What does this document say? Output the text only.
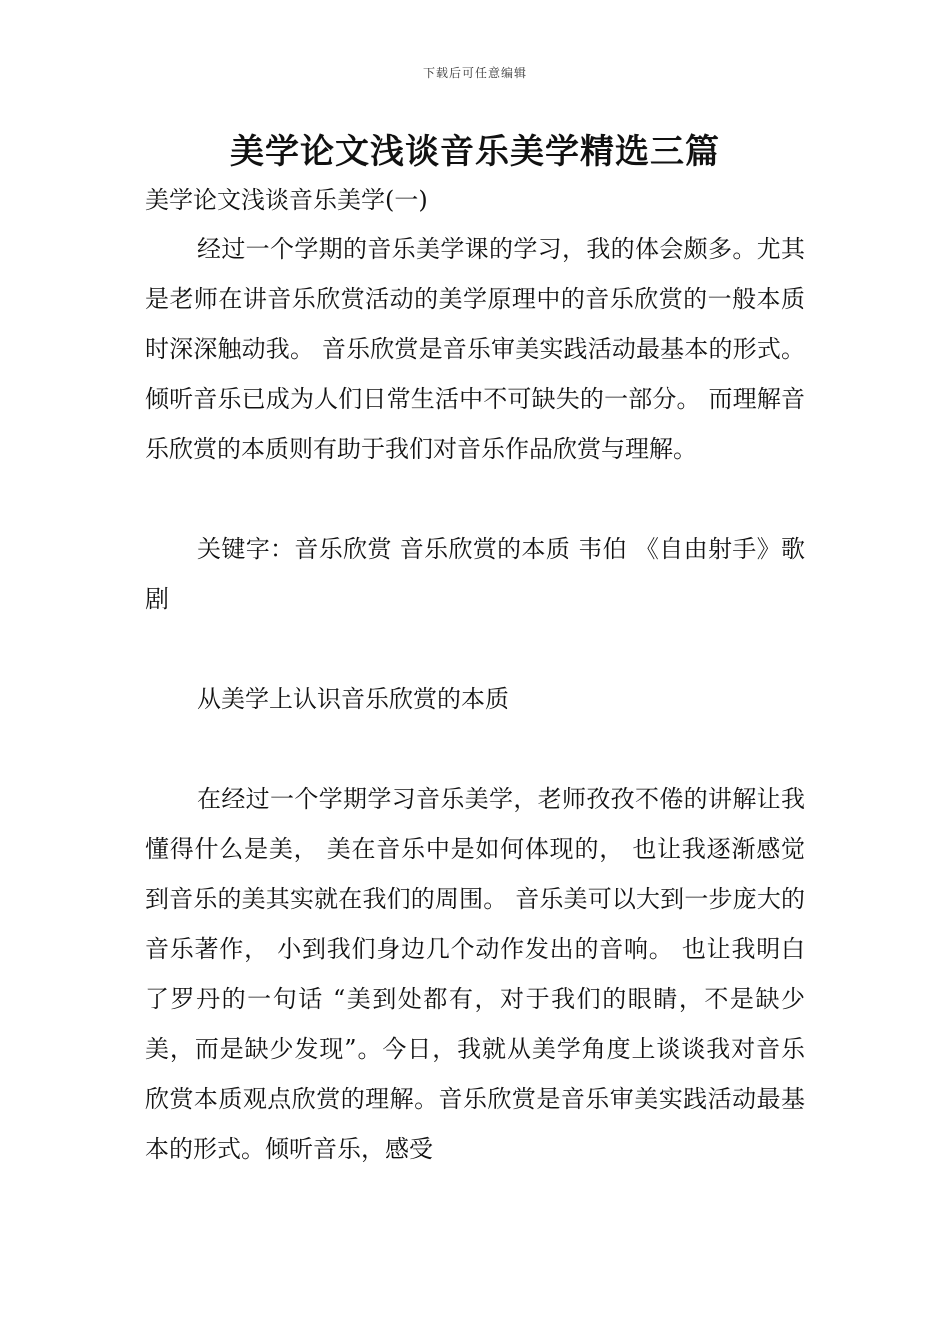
下载后可任意编辑
美学论文浅谈音乐美学精选三篇

美学论文浅谈音乐美学(一)

经过一个学期的音乐美学课的学习，我的体会颇多。尤其是老师在讲音乐欣赏活动的美学原理中的音乐欣赏的一般本质时深深触动我。 音乐欣赏是音乐审美实践活动最基本的形式。 倾听音乐已成为人们日常生活中不可缺失的一部分。 而理解音乐欣赏的本质则有助于我们对音乐作品欣赏与理解。

关键字：音乐欣赏 音乐欣赏的本质 韦伯 《自由射手》歌剧

从美学上认识音乐欣赏的本质

在经过一个学期学习音乐美学，老师孜孜不倦的讲解让我懂得什么是美， 美在音乐中是如何体现的， 也让我逐渐感觉到音乐的美其实就在我们的周围。 音乐美可以大到一步庞大的音乐著作， 小到我们身边几个动作发出的音响。 也让我明白了罗丹的一句话 “美到处都有，对于我们的眼睛，不是缺少美，而是缺少发现”。今日，我就从美学角度上谈谈我对音乐欣赏本质观点欣赏的理解。音乐欣赏是音乐审美实践活动最基本的形式。倾听音乐，感受
